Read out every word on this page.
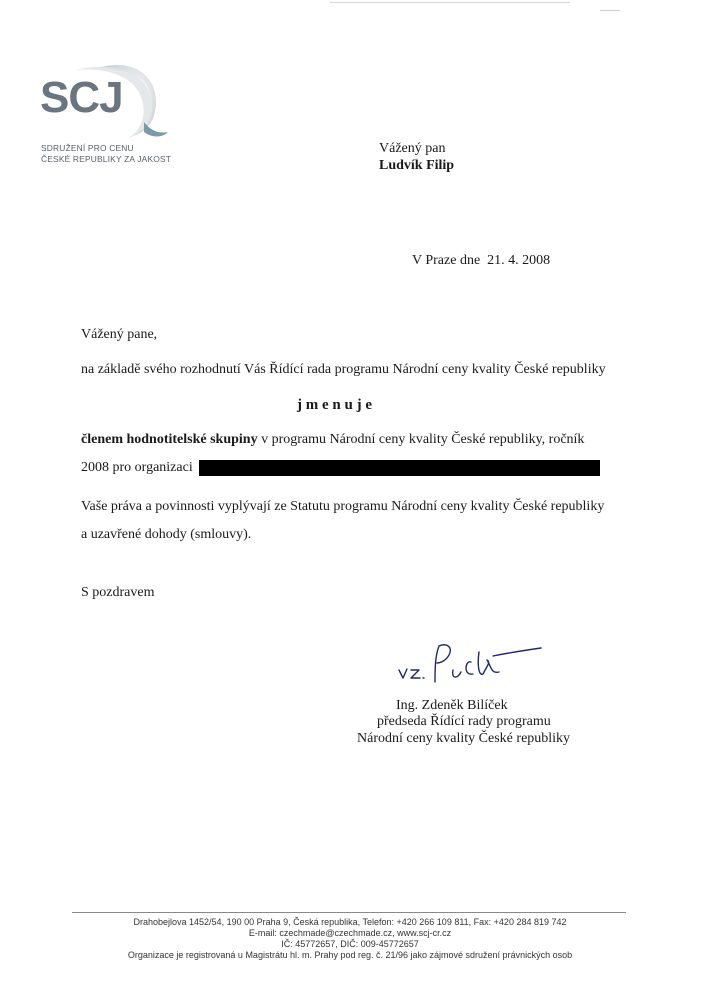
SCJ
SDRUŽENÍ PRO CENU
ČESKÉ REPUBLIKY ZA JAKOST
Vážený pan
Ludvík Filip
V Praze dne  21. 4. 2008
Vážený pane,
na základě svého rozhodnutí Vás Řídící rada programu Národní ceny kvality České republiky
j m e n u j e
členem hodnotitelské skupiny v programu Národní ceny kvality České republiky, ročník
2008 pro organizaci
Vaše práva a povinnosti vyplývají ze Statutu programu Národní ceny kvality České republiky
a uzavřené dohody (smlouvy).
S pozdravem
Ing. Zdeněk Bilíček
předseda Řídící rady programu
Národní ceny kvality České republiky
Drahobejlova 1452/54, 190 00 Praha 9, Česká republika, Telefon: +420 266 109 811, Fax: +420 284 819 742
E-mail: czechmade@czechmade.cz, www.scj-cr.cz
IČ: 45772657, DIČ: 009-45772657
Organizace je registrovaná u Magistrátu hl. m. Prahy pod reg. č. 21/96 jako zájmové sdružení právnických osob
